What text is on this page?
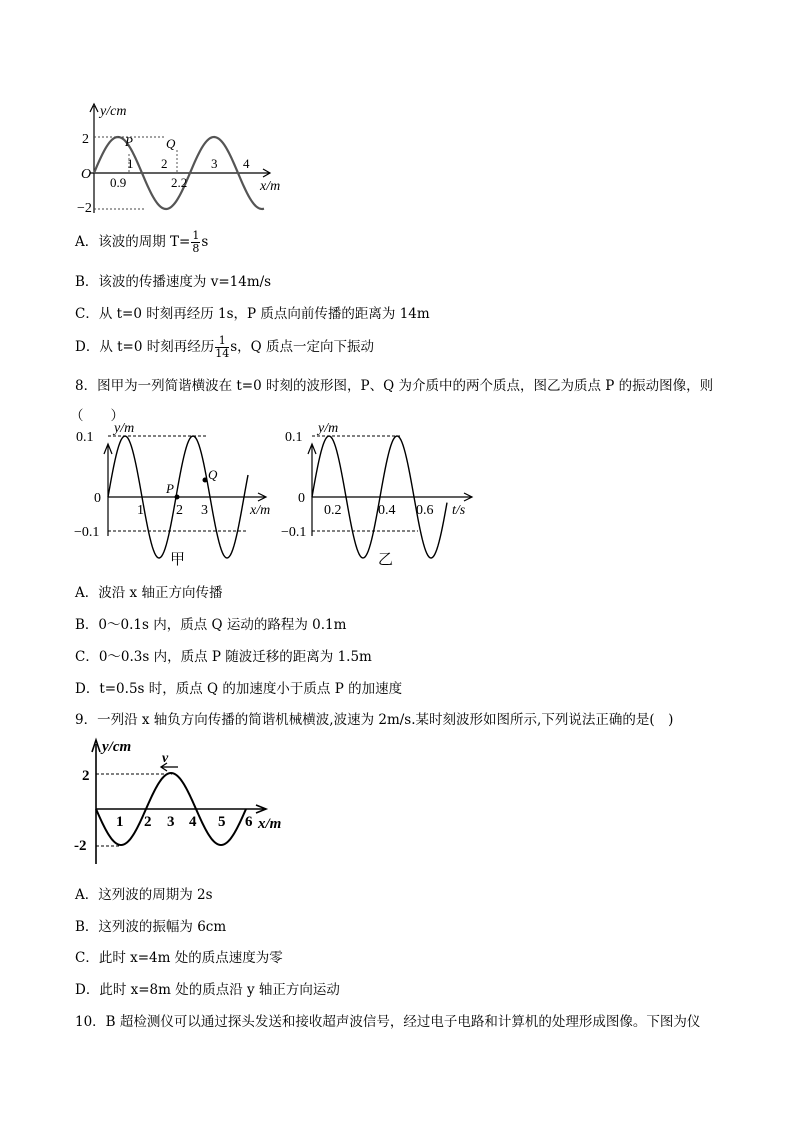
y/cm
2
−2
O
P	Q
1 2	3 4
0.9	2.2	x/m
A．该波的周期 $T= \frac{1}{8}$ s
B．该波的传播速度为 v=14m/s
C．从 t=0 时刻再经历 1s，P 质点向前传播的距离为 14m
D．从 t=0 时刻再经历 $\frac{1}{14}$ s，Q 质点一定向下振动
8．图甲为一列简谐横波在 t=0 时刻的波形图，P、Q 为介质中的两个质点，图乙为质点 P 的振动图像，则
（　　）
0.1
0
−0.1
y/m
P
Q
1 2 3	x/m
甲
0.1
0
−0.1
y/m
0.2	0.4 0.6 t/s
乙
A．波沿 x 轴正方向传播
B．0～0.1s 内，质点 Q 运动的路程为 0.1m
C．0～0.3s 内，质点 P 随波迁移的距离为 1.5m
D．t=0.5s 时，质点 Q 的加速度小于质点 P 的加速度
9．一列沿 x 轴负方向传播的简谐机械横波,波速为 2m/s.某时刻波形如图所示,下列说法正确的是(　)
v
y/cm
2
-2
1 2 3 4 5 6 x/m
A．这列波的周期为 2s
B．这列波的振幅为 6cm
C．此时 x=4m 处的质点速度为零
D．此时 x=8m 处的质点沿 y 轴正方向运动
10．B 超检测仪可以通过探头发送和接收超声波信号，经过电子电路和计算机的处理形成图像。下图为仪
